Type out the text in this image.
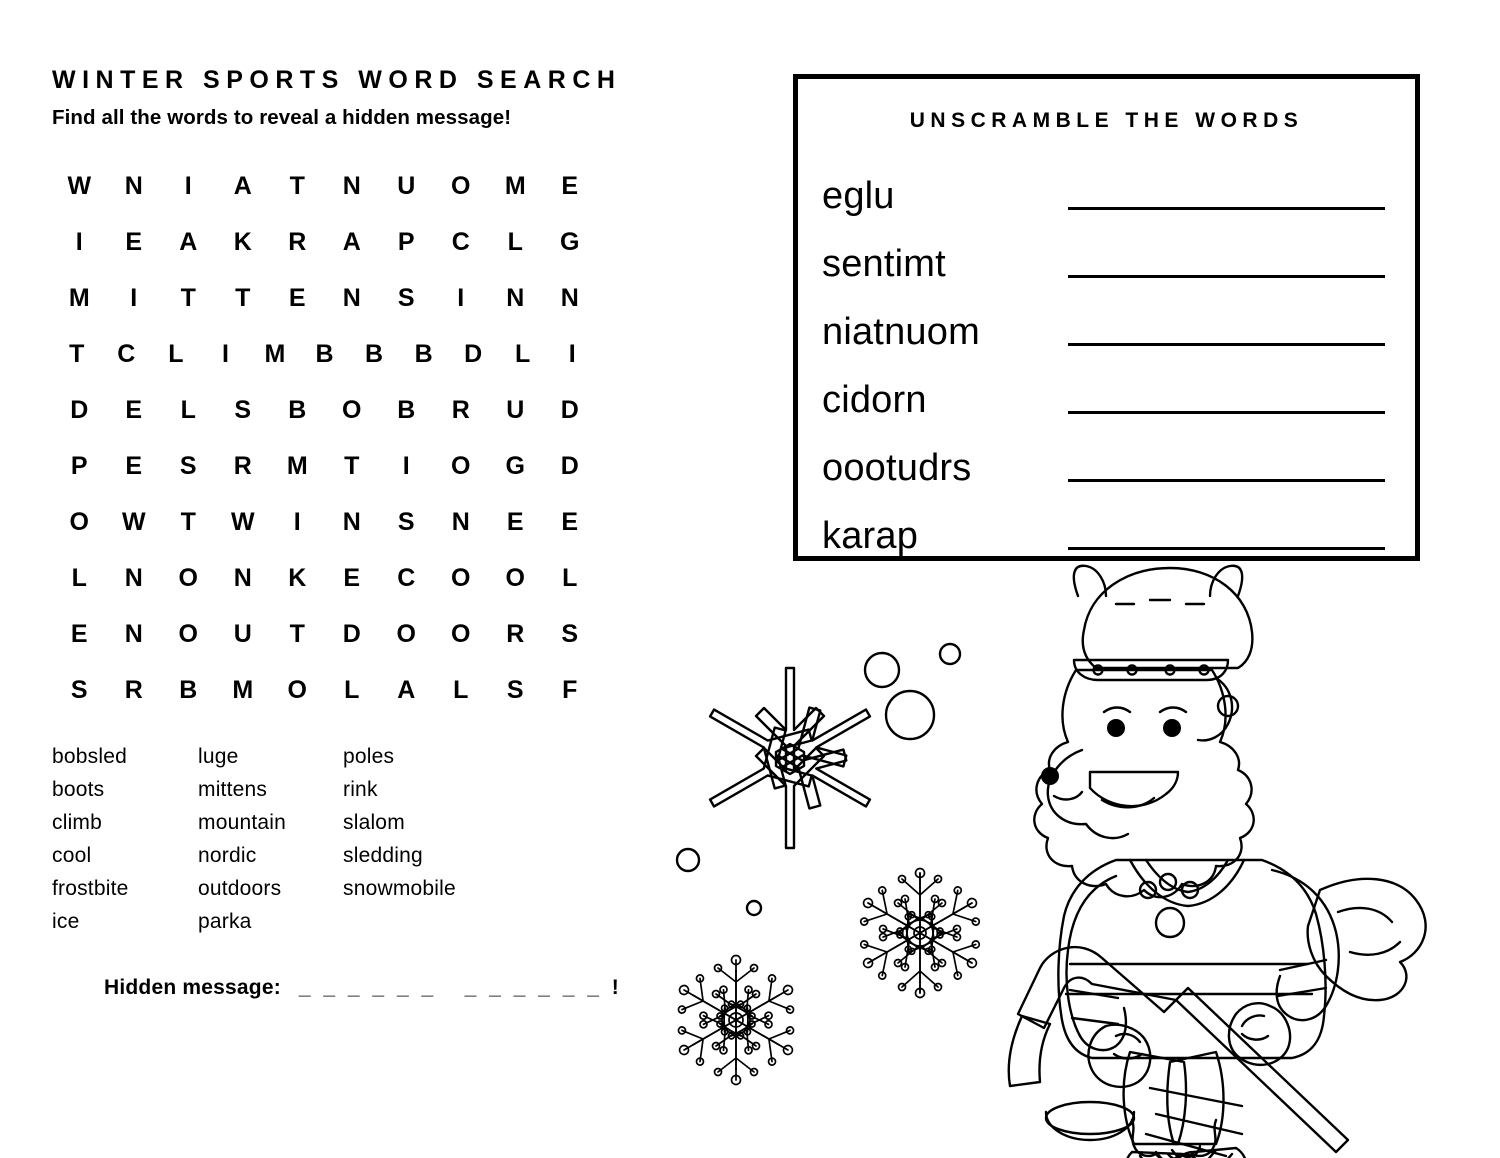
WINTER SPORTS WORD SEARCH
Find all the words to reveal a hidden message!
W	N	I	A	T	N	U	O	M	E
I	E	A	K	R	A	P	C	L	G
M	I	T	T	E	N	S	I	N	N
T	C	L	I	M	B	B	B	D	L	I
D	E	L	S	B	O	B	R	U	D
P	E	S	R	M	T	I	O	G	D
O	W	T	W	I	N	S	N	E	E
L	N	O	N	K	E	C	O	O	L
E	N	O	U	T	D	O	O	R	S
S	R	B	M	O	L	A	L	S	F
bobsled
boots
climb
cool
frostbite
ice
luge
mittens
mountain
nordic
outdoors
parka
poles
rink
slalom
sledding
snowmobile
Hidden message: _ _ _ _ _ _   _ _ _ _ _ _ !
UNSCRAMBLE THE WORDS
eglu
sentimt
niatnuom
cidorn
oootudrs
karap
